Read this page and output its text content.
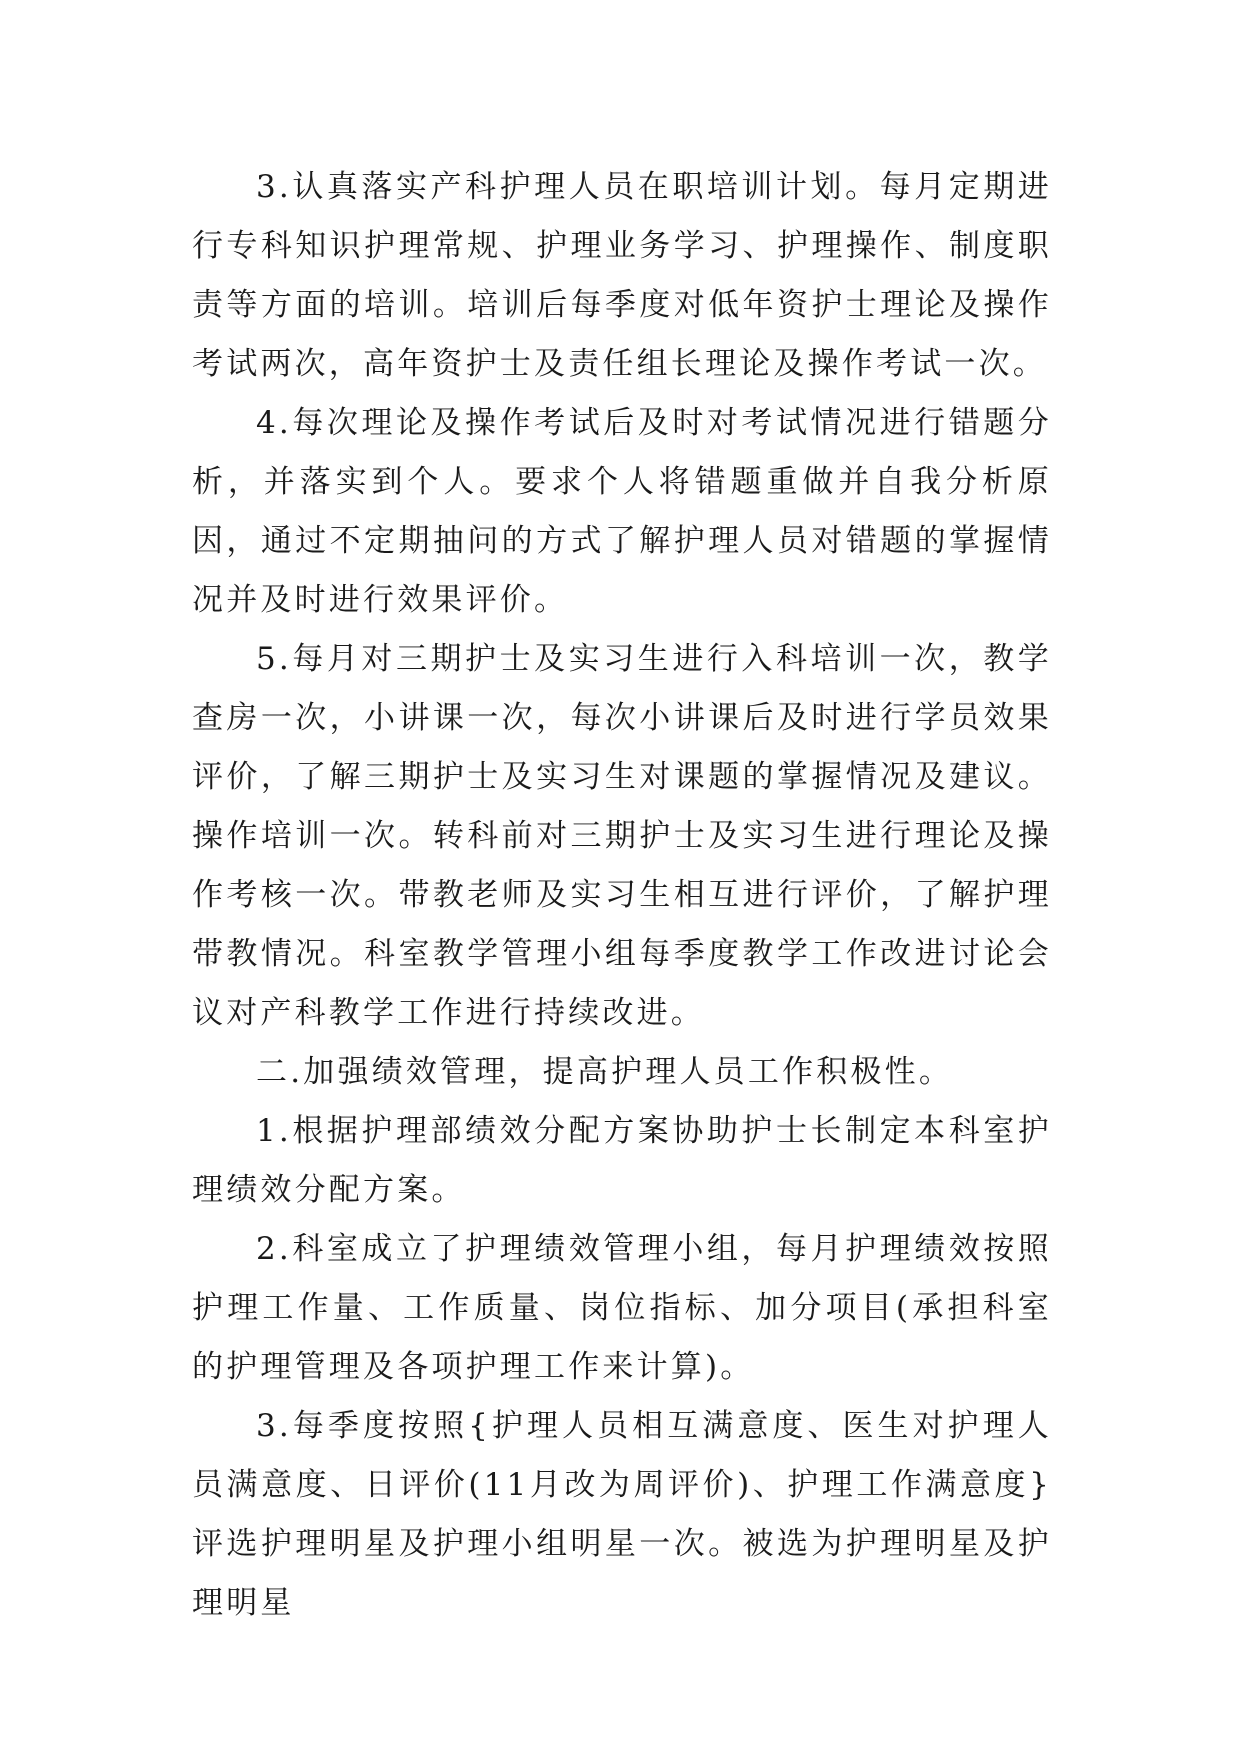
3.认真落实产科护理人员在职培训计划。每月定期进行专科知识护理常规、护理业务学习、护理操作、制度职责等方面的培训。培训后每季度对低年资护士理论及操作考试两次，高年资护士及责任组长理论及操作考试一次。

4.每次理论及操作考试后及时对考试情况进行错题分析，并落实到个人。要求个人将错题重做并自我分析原因，通过不定期抽问的方式了解护理人员对错题的掌握情况并及时进行效果评价。

5.每月对三期护士及实习生进行入科培训一次，教学查房一次，小讲课一次，每次小讲课后及时进行学员效果评价，了解三期护士及实习生对课题的掌握情况及建议。操作培训一次。转科前对三期护士及实习生进行理论及操作考核一次。带教老师及实习生相互进行评价，了解护理带教情况。科室教学管理小组每季度教学工作改进讨论会议对产科教学工作进行持续改进。

二.加强绩效管理，提高护理人员工作积极性。

1.根据护理部绩效分配方案协助护士长制定本科室护理绩效分配方案。

2.科室成立了护理绩效管理小组，每月护理绩效按照护理工作量、工作质量、岗位指标、加分项目(承担科室的护理管理及各项护理工作来计算)。

3.每季度按照{护理人员相互满意度、医生对护理人员满意度、日评价(11月改为周评价)、护理工作满意度}评选护理明星及护理小组明星一次。被选为护理明星及护理明星
